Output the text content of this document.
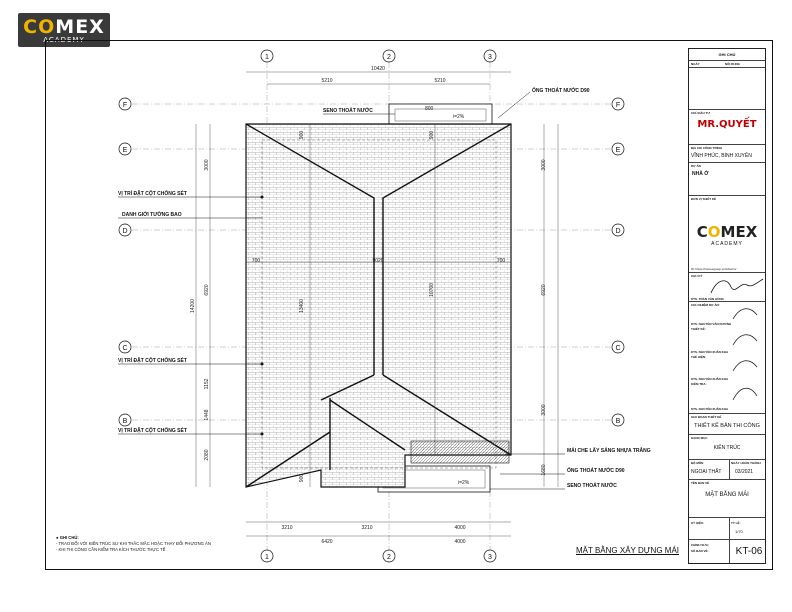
COMEX
ACADEMY
1	2	3
1	2	3
F
E
D
C
B
F
E
D
C
B
10420
5210	5210
3210	3210	4000
6420	4000
14200
3000
6920
1152
1448
2080
3000
6920
3000
1680
700	9020	700
13400
10700
900	900
900
i=2%
i=2%
800
SENO THOÁT NƯỚC
ỐNG THOÁT NƯỚC D90
VỊ TRÍ ĐẶT CỘT CHỐNG SÉT
DANH GIỚI TƯỜNG BAO
VỊ TRÍ ĐẶT CỘT CHỐNG SÉT
VỊ TRÍ ĐẶT CỘT CHỐNG SÉT
MÁI CHE LẤY SÁNG NHỰA TRẮNG
ỐNG THOÁT NƯỚC D90
SENO THOÁT NƯỚC
● GHI CHÚ:
- TRAO ĐỔI VỚI KIẾN TRÚC SƯ KHI THẮC MẮC HOẶC THAY ĐỔI PHƯƠNG ÁN
- KHI THI CÔNG CẦN KIỂM TRA KÍCH THƯỚC THỰC TẾ	MẶT BẰNG XÂY DỰNG MÁI
GHI CHÚ
NGÀY	NỘI DUNG
CHỦ ĐẦU TƯ
MR.QUYẾT
ĐỊA CHỈ CÔNG TRÌNH
VĨNH PHÚC, BÌNH XUYÊN
DỰ ÁN
NHÀ Ở
ĐƠN VỊ THIẾT KẾ
COMEX
ACADEMY
W: https://comexgroup.vn/cd/u/vn/
CHỦ KÝ
KTS. TRẦN VĂN HÙNG
CHỦ NHIỆM DỰ ÁN:
KTS. NGUYỄN VĂN DƯƠNG
THIẾT KẾ:
KTS. NGUYỄN XUÂN KHA
THỂ HIỆN:
KTS. NGUYỄN XUÂN KHA
KIỂM TRA:
KTS. NGUYỄN XUÂN KHA
GIAI ĐOẠN THIẾT KẾ
THIẾT KẾ BẢN THI CÔNG
HẠNG MỤC
KIẾN TRÚC
BỘ MÔN	NGÀY HOÀN THÀNH
NGOẠI THẤT	03/2021
TÊN BẢN VẼ
MẶT BẰNG MÁI
KÝ HIỆU:	TỶ LỆ:
1/70
CHỈNH SỬA:
SỐ BẢN VẼ:	KT-06
